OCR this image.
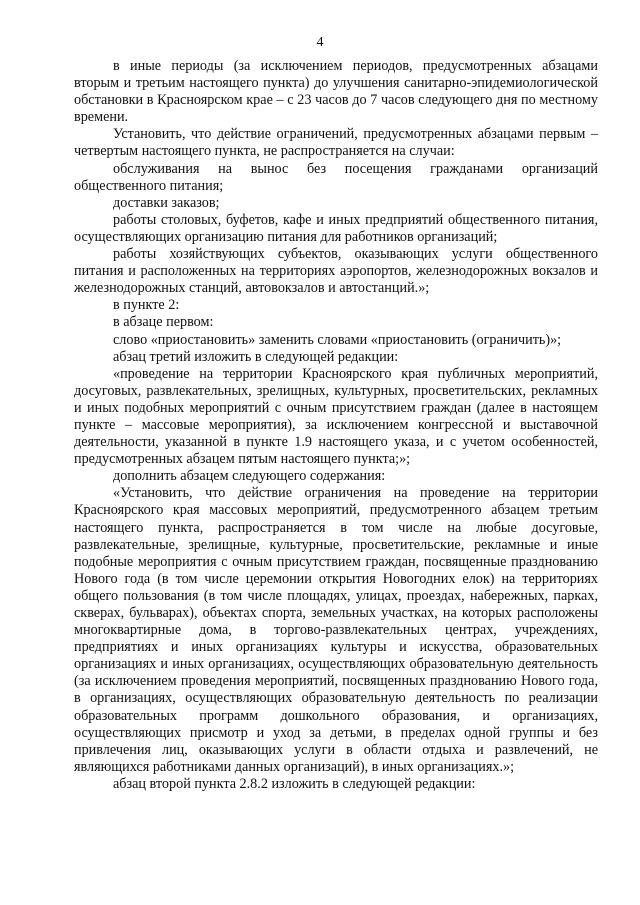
4

в иные периоды (за исключением периодов, предусмотренных абзацами вторым и третьим настоящего пункта) до улучшения санитарно-эпидемиологической обстановки в Красноярском крае – с 23 часов до 7 часов следующего дня по местному времени.

Установить, что действие ограничений, предусмотренных абзацами первым – четвертым настоящего пункта, не распространяется на случаи:

обслуживания на вынос без посещения гражданами организаций общественного питания;

доставки заказов;

работы столовых, буфетов, кафе и иных предприятий общественного питания, осуществляющих организацию питания для работников организаций;

работы хозяйствующих субъектов, оказывающих услуги общественного питания и расположенных на территориях аэропортов, железнодорожных вокзалов и железнодорожных станций, автовокзалов и автостанций.»;

в пункте 2:

в абзаце первом:

слово «приостановить» заменить словами «приостановить (ограничить)»;

абзац третий изложить в следующей редакции:

«проведение на территории Красноярского края публичных мероприятий, досуговых, развлекательных, зрелищных, культурных, просветительских, рекламных и иных подобных мероприятий с очным присутствием граждан (далее в настоящем пункте – массовые мероприятия), за исключением конгрессной и выставочной деятельности, указанной в пункте 1.9 настоящего указа, и с учетом особенностей, предусмотренных абзацем пятым настоящего пункта;»;

дополнить абзацем следующего содержания:

«Установить, что действие ограничения на проведение на территории Красноярского края массовых мероприятий, предусмотренного абзацем третьим настоящего пункта, распространяется в том числе на любые досуговые, развлекательные, зрелищные, культурные, просветительские, рекламные и иные подобные мероприятия с очным присутствием граждан, посвященные празднованию Нового года (в том числе церемонии открытия Новогодних елок) на территориях общего пользования (в том числе площадях, улицах, проездах, набережных, парках, скверах, бульварах), объектах спорта, земельных участках, на которых расположены многоквартирные дома, в торгово-развлекательных центрах, учреждениях, предприятиях и иных организациях культуры и искусства, образовательных организациях и иных организациях, осуществляющих образовательную деятельность (за исключением проведения мероприятий, посвященных празднованию Нового года, в организациях, осуществляющих образовательную деятельность по реализации образовательных программ дошкольного образования, и организациях, осуществляющих присмотр и уход за детьми, в пределах одной группы и без привлечения лиц, оказывающих услуги в области отдыха и развлечений, не являющихся работниками данных организаций), в иных организациях.»;

абзац второй пункта 2.8.2 изложить в следующей редакции:
